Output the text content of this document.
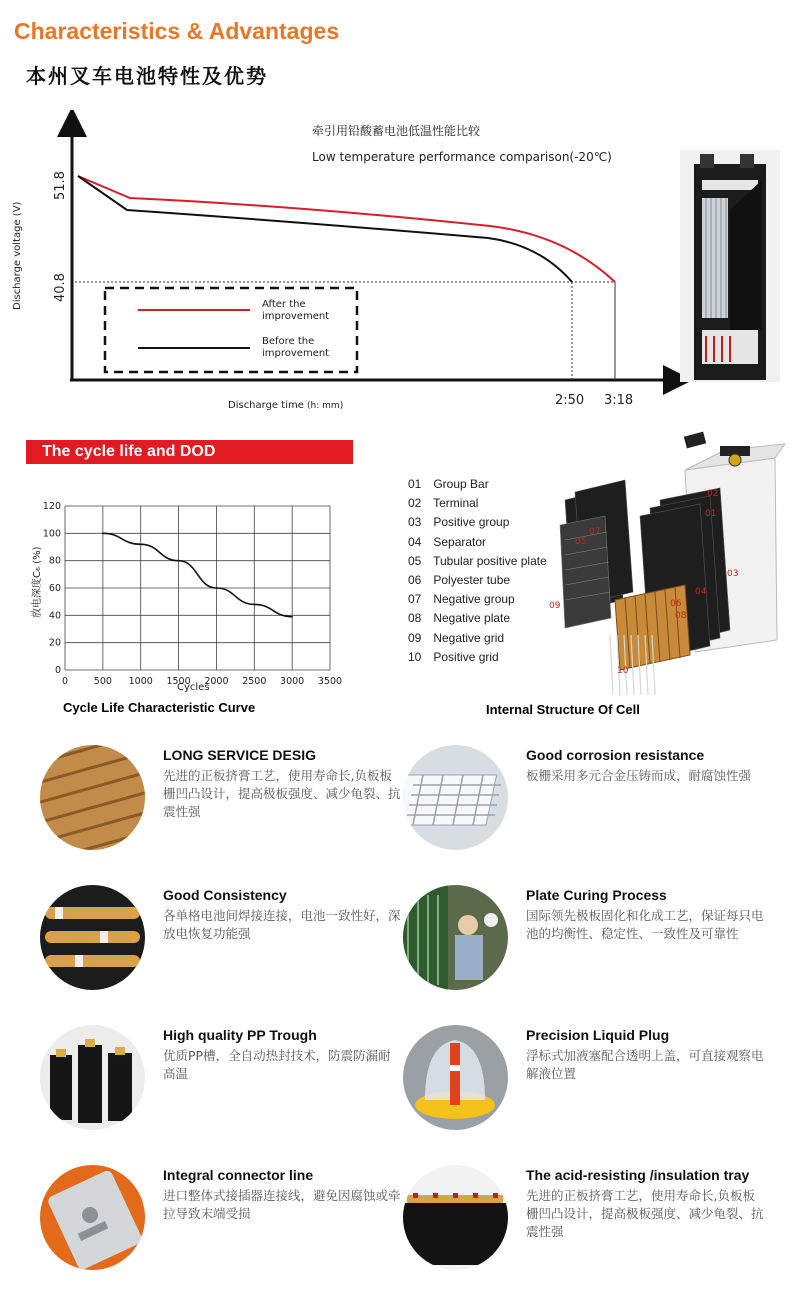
Characteristics & Advantages
本州叉车电池特性及优势
牵引用铅酸蓄电池低温性能比较
Low temperature performance comparison(-20℃)
Discharge voltage (V)
51.8
40.8
After the
improvement
Before the
improvement
Discharge time (h: mm)	2:50 3:18
The cycle life and DOD
0	500 1000 1500 2000 2500 3000 3500
0
20
40
60
80
100
120
Cycles
放电深度C₆ (%)
Cycle Life Characteristic Curve
01 Group Bar
02 Terminal
03 Positive group
04 Separator
05 Tubular positive plate
06 Polyester tube
07 Negative group
08 Negative plate
09 Negative grid
10 Positive grid
01
02
03
04
05
06
07
08
09
10
Internal Structure Of Cell
LONG SERVICE DESIG
先进的正板挤膏工艺，使用寿命长,负板板栅凹凸设计，提高极板强度、减少龟裂、抗震性强
Good corrosion resistance
板栅采用多元合金压铸而成，耐腐蚀性强
Good Consistency
各单格电池间焊接连接，电池一致性好，深放电恢复功能强
Plate Curing Process
国际领先极板固化和化成工艺，保证每只电池的均衡性、稳定性、一致性及可靠性
High quality PP Trough
优质PP槽，全自动热封技术，防震防漏耐高温
Precision Liquid Plug
浮标式加液塞配合透明上盖，可直接观察电解液位置
Integral connector line
进口整体式接插器连接线，避免因腐蚀或牵拉导致末端受损
The acid-resisting /insulation tray
先进的正板挤膏工艺，使用寿命长,负板板栅凹凸设计，提高极板强度、减少龟裂、抗震性强
